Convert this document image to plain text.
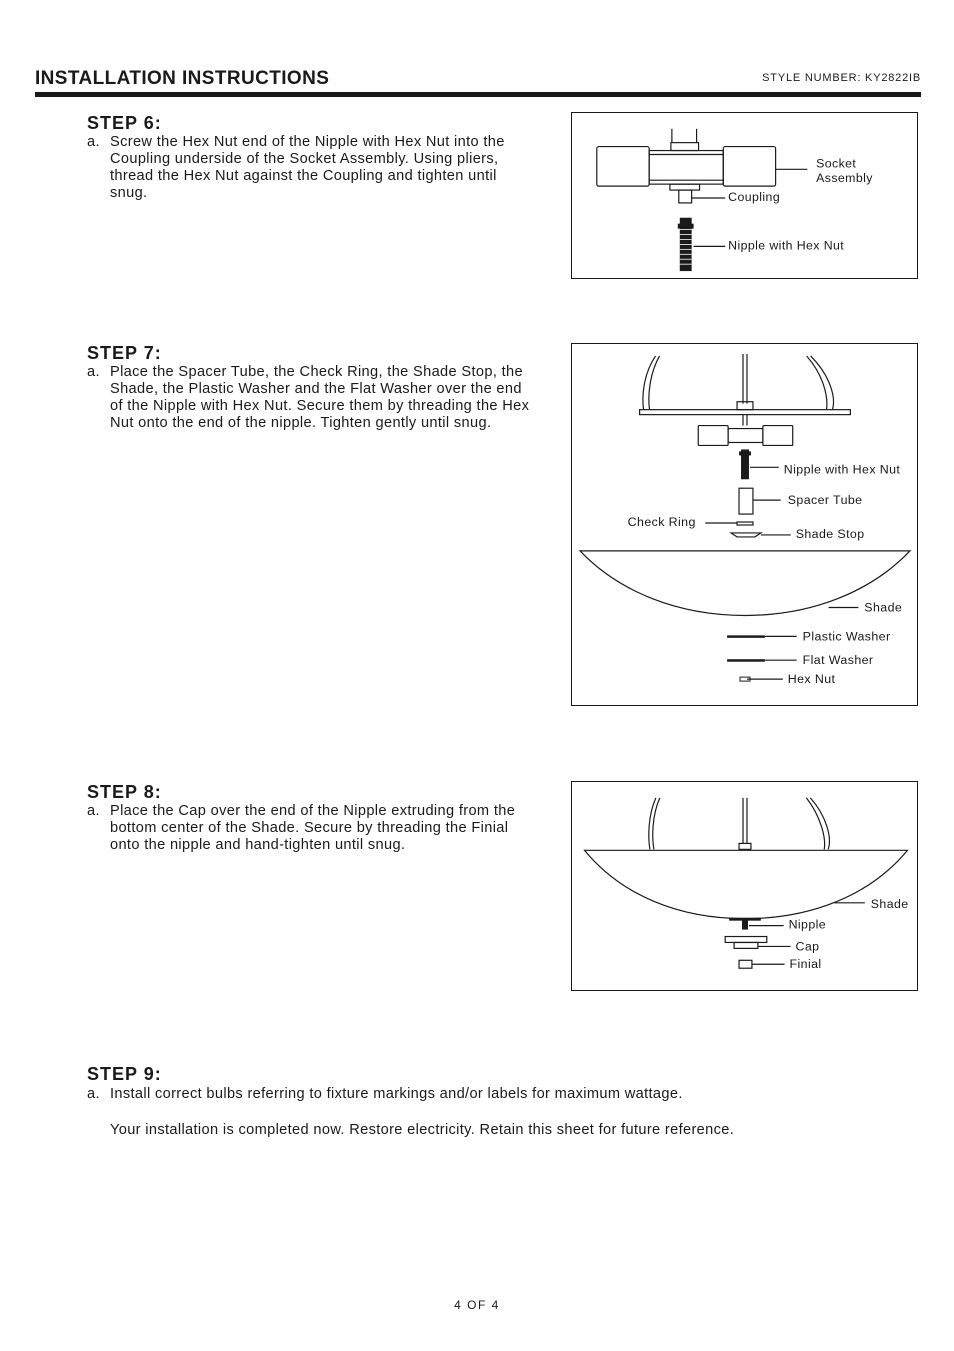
INSTALLATION INSTRUCTIONS	STYLE NUMBER: KY2822IB
STEP 6:
a. Screw the Hex Nut end of the Nipple with Hex Nut into the
Coupling underside of the Socket Assembly. Using pliers,
thread the Hex Nut against the Coupling and tighten until
snug.
Socket
Assembly
Coupling
Nipple with Hex Nut
STEP 7:
a. Place the Spacer Tube, the Check Ring, the Shade Stop, the
Shade, the Plastic Washer and the Flat Washer over the end
of the Nipple with Hex Nut. Secure them by threading the Hex
Nut onto the end of the nipple. Tighten gently until snug.
Nipple with Hex Nut
Spacer Tube
Check Ring
Shade Stop
Shade
Plastic Washer
Flat Washer
Hex Nut
STEP 8:
a. Place the Cap over the end of the Nipple extruding from the
bottom center of the Shade. Secure by threading the Finial
onto the nipple and hand-tighten until snug.
Shade
Nipple
Cap
Finial
STEP 9:
a. Install correct bulbs referring to fixture markings and/or labels for maximum wattage.
Your installation is completed now. Restore electricity. Retain this sheet for future reference.
4 OF 4
